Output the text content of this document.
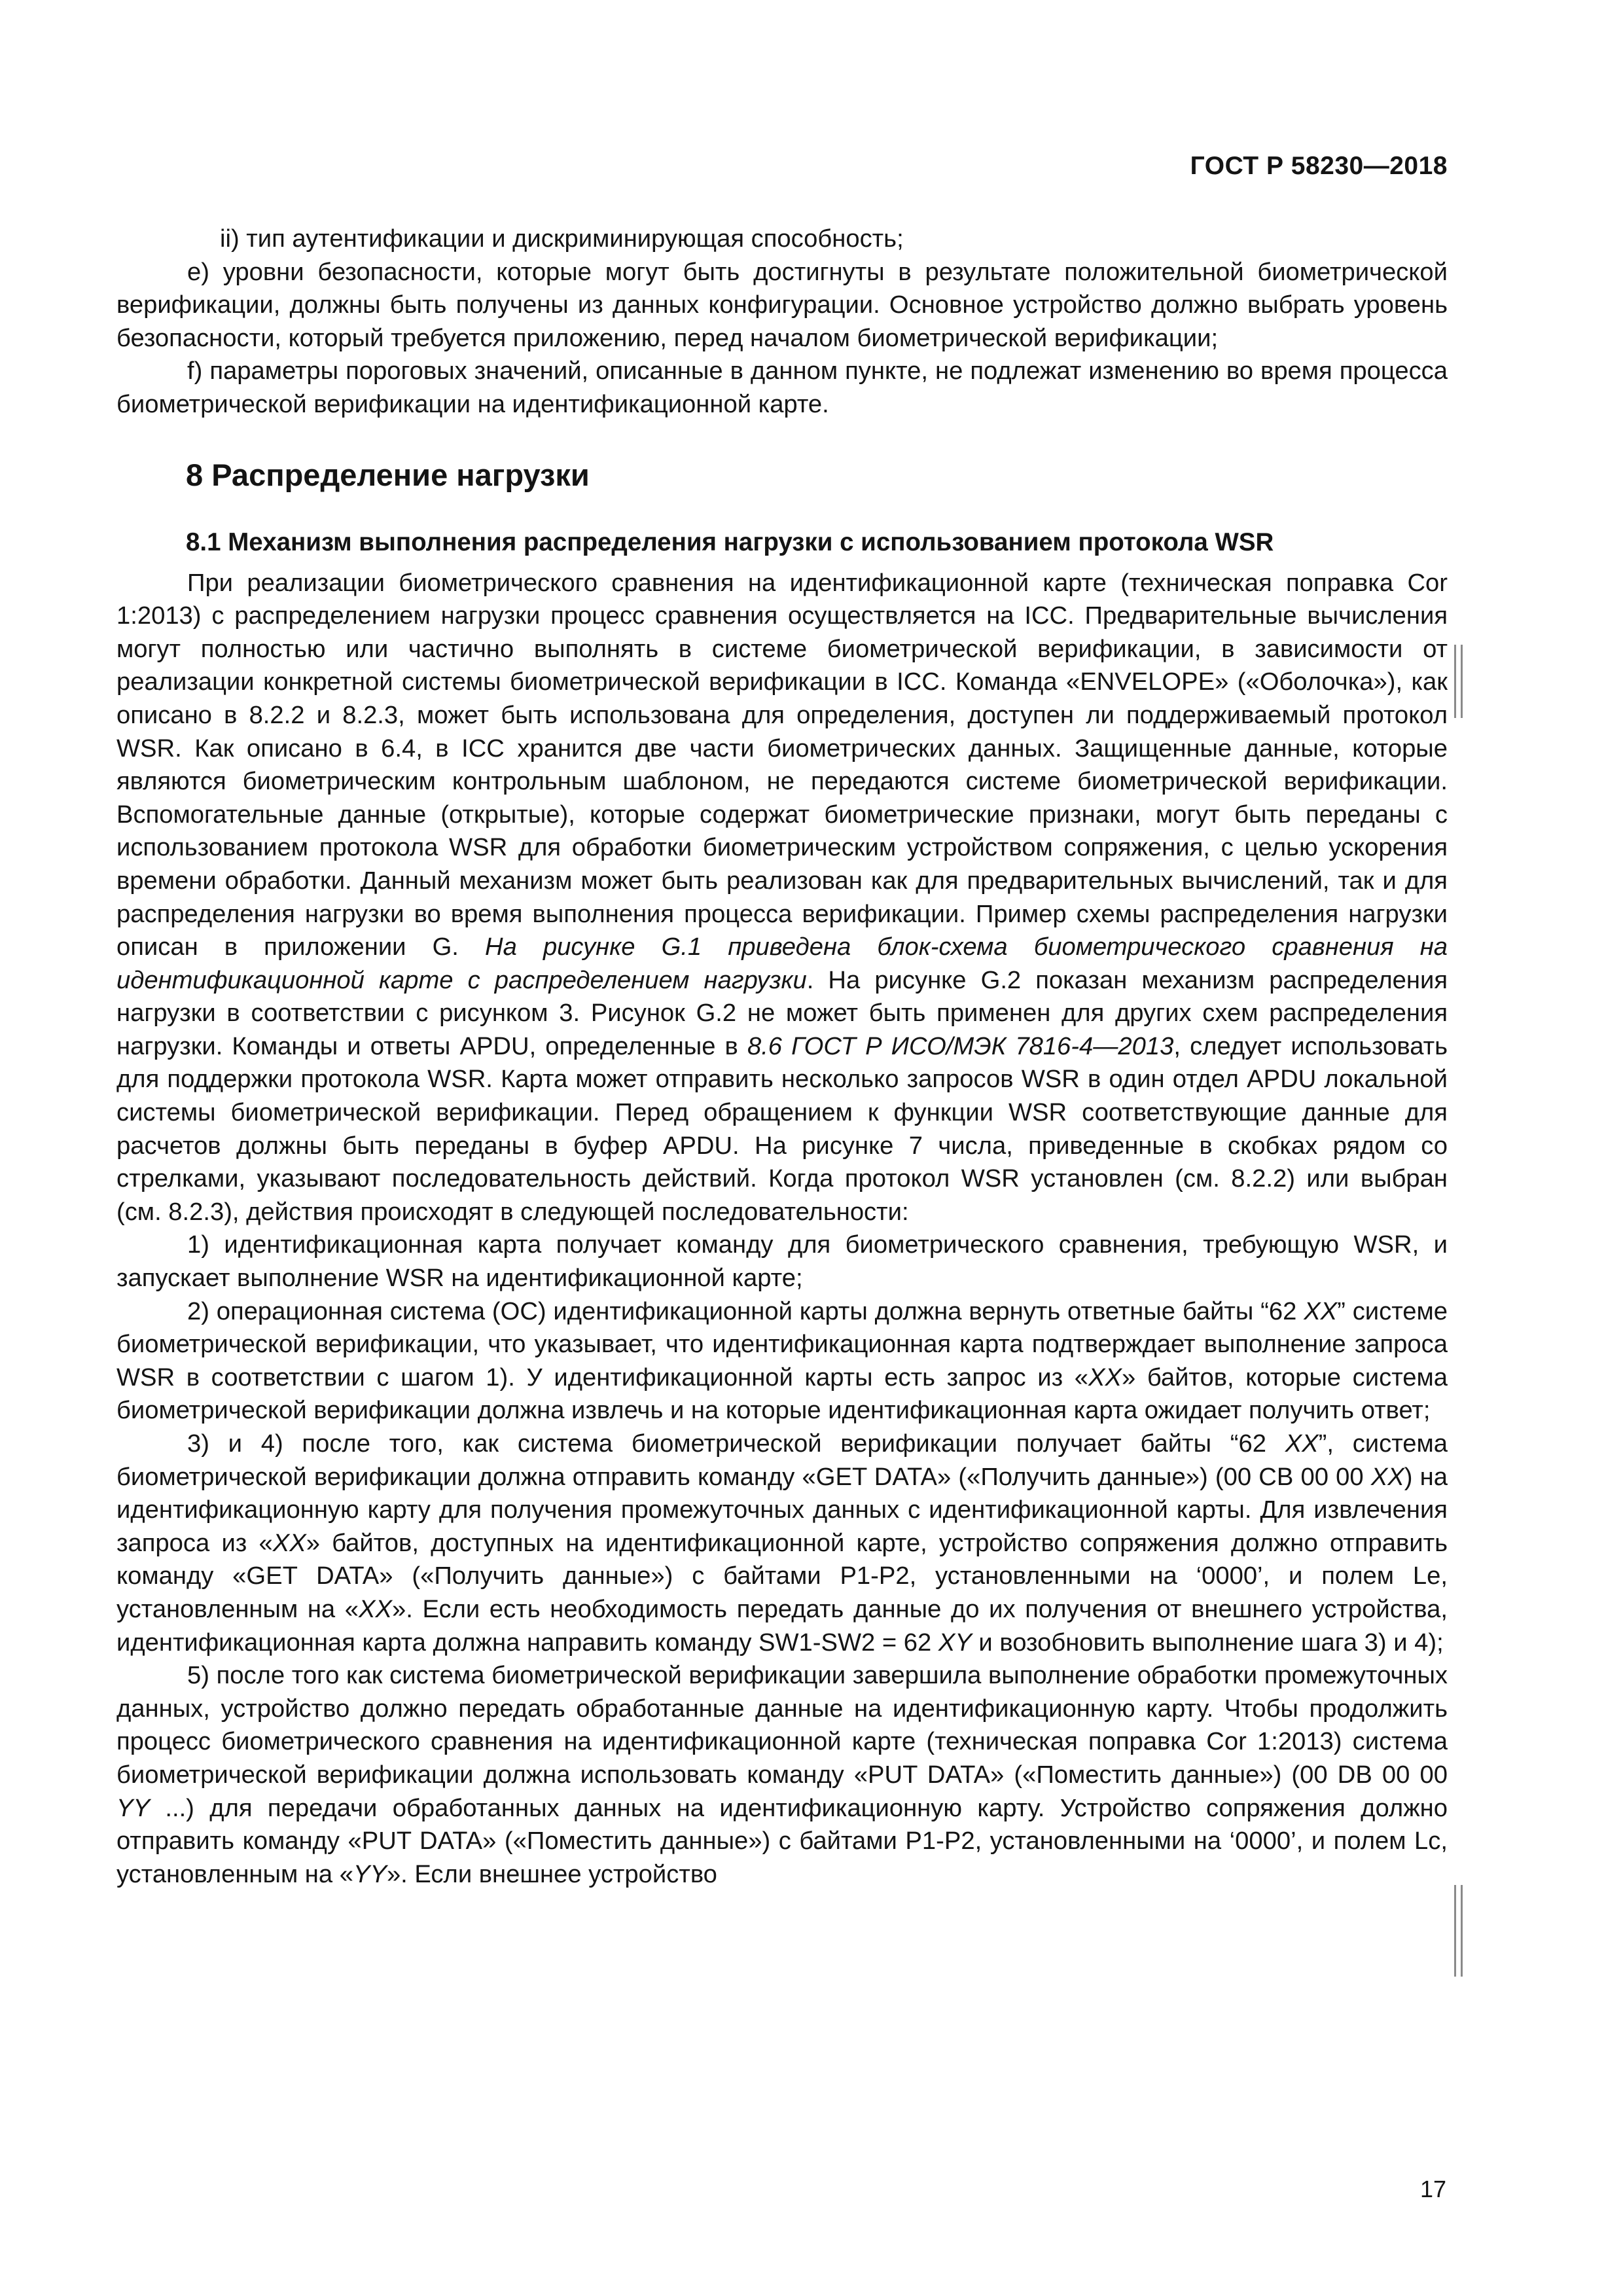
ГОСТ Р 58230—2018

ii) тип аутентификации и дискриминирующая способность;

е) уровни безопасности, которые могут быть достигнуты в результате положительной биометрической верификации, должны быть получены из данных конфигурации. Основное устройство должно выбрать уровень безопасности, который требуется приложению, перед началом биометрической верификации;

f) параметры пороговых значений, описанные в данном пункте, не подлежат изменению во время процесса биометрической верификации на идентификационной карте.

8 Распределение нагрузки
8.1 Механизм выполнения распределения нагрузки с использованием протокола WSR

При реализации биометрического сравнения на идентификационной карте (техническая поправка Cor 1:2013) с распределением нагрузки процесс сравнения осуществляется на ICC. Предварительные вычисления могут полностью или частично выполнять в системе биометрической верификации, в зависимости от реализации конкретной системы биометрической верификации в ICC. Команда «ENVELOPE» («Оболочка»), как описано в 8.2.2 и 8.2.3, может быть использована для определения, доступен ли поддерживаемый протокол WSR. Как описано в 6.4, в ICC хранится две части биометрических данных. Защищенные данные, которые являются биометрическим контрольным шаблоном, не передаются системе биометрической верификации. Вспомогательные данные (открытые), которые содержат биометрические признаки, могут быть переданы с использованием протокола WSR для обработки биометрическим устройством сопряжения, с целью ускорения времени обработки. Данный механизм может быть реализован как для предварительных вычислений, так и для распределения нагрузки во время выполнения процесса верификации. Пример схемы распределения нагрузки описан в приложении G. На рисунке G.1 приведена блок-схема биометрического сравнения на идентификационной карте с распределением нагрузки. На рисунке G.2 показан механизм распределения нагрузки в соответствии с рисунком 3. Рисунок G.2 не может быть применен для других схем распределения нагрузки. Команды и ответы APDU, определенные в 8.6 ГОСТ Р ИСО/МЭК 7816-4—2013, следует использовать для поддержки протокола WSR. Карта может отправить несколько запросов WSR в один отдел APDU локальной системы биометрической верификации. Перед обращением к функции WSR соответствующие данные для расчетов должны быть переданы в буфер APDU. На рисунке 7 числа, приведенные в скобках рядом со стрелками, указывают последовательность действий. Когда протокол WSR установлен (см. 8.2.2) или выбран (см. 8.2.3), действия происходят в следующей последовательности:

1) идентификационная карта получает команду для биометрического сравнения, требующую WSR, и запускает выполнение WSR на идентификационной карте;

2) операционная система (ОС) идентификационной карты должна вернуть ответные байты “62 XX” системе биометрической верификации, что указывает, что идентификационная карта подтверждает выполнение запроса WSR в соответствии с шагом 1). У идентификационной карты есть запрос из «XX» байтов, которые система биометрической верификации должна извлечь и на которые идентификационная карта ожидает получить ответ;

3) и 4) после того, как система биометрической верификации получает байты “62 XX”, система биометрической верификации должна отправить команду «GET DATA» («Получить данные») (00 CB 00 00 XX) на идентификационную карту для получения промежуточных данных с идентификационной карты. Для извлечения запроса из «XX» байтов, доступных на идентификационной карте, устройство сопряжения должно отправить команду «GET DATA» («Получить данные») с байтами P1-P2, установленными на ‘0000’, и полем Le, установленным на «XX». Если есть необходимость передать данные до их получения от внешнего устройства, идентификационная карта должна направить команду SW1-SW2 = 62 XY и возобновить выполнение шага 3) и 4);

5) после того как система биометрической верификации завершила выполнение обработки промежуточных данных, устройство должно передать обработанные данные на идентификационную карту. Чтобы продолжить процесс биометрического сравнения на идентификационной карте (техническая поправка Cor 1:2013) система биометрической верификации должна использовать команду «PUT DATA» («Поместить данные») (00 DB 00 00 YY ...) для передачи обработанных данных на идентификационную карту. Устройство сопряжения должно отправить команду «PUT DATA» («Поместить данные») с байтами P1-P2, установленными на ‘0000’, и полем Lc, установленным на «YY». Если внешнее устройство

17
